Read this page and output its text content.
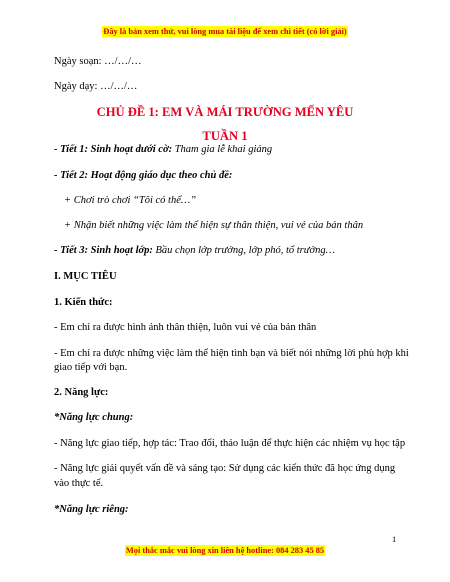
Đây là bản xem thử, vui lòng mua tài liệu để xem chi tiết (có lời giải)
Ngày soạn: …/…/…
Ngày dạy: …/…/…
CHỦ ĐỀ 1: EM VÀ MÁI TRƯỜNG MẾN YÊU
TUẦN 1
- Tiết 1: Sinh hoạt dưới cờ: Tham gia lễ khai giảng
- Tiết 2: Hoạt động giáo dục theo chủ đề:
+ Chơi trò chơi “Tôi có thể…”
+ Nhận biết những việc làm thể hiện sự thân thiện, vui vẻ của bản thân
- Tiết 3: Sinh hoạt lớp: Bầu chọn lớp trưởng, lớp phó, tổ trưởng…
I. MỤC TIÊU
1. Kiến thức:
- Em chỉ ra được hình ảnh thân thiện, luôn vui vẻ của bản thân
- Em chỉ ra được những việc làm thể hiện tình bạn và biết nói những lời phù hợp khi
giao tiếp với bạn.
2. Năng lực:
*Năng lực chung:
- Năng lực giao tiếp, hợp tác: Trao đổi, thảo luận để thực hiện các nhiệm vụ học tập
- Năng lực giải quyết vấn đề và sáng tạo: Sử dụng các kiến thức đã học ứng dụng
vào thực tế.
*Năng lực riêng:
1
Mọi thắc mắc vui lòng xin liên hệ hotline: 084 283 45 85
